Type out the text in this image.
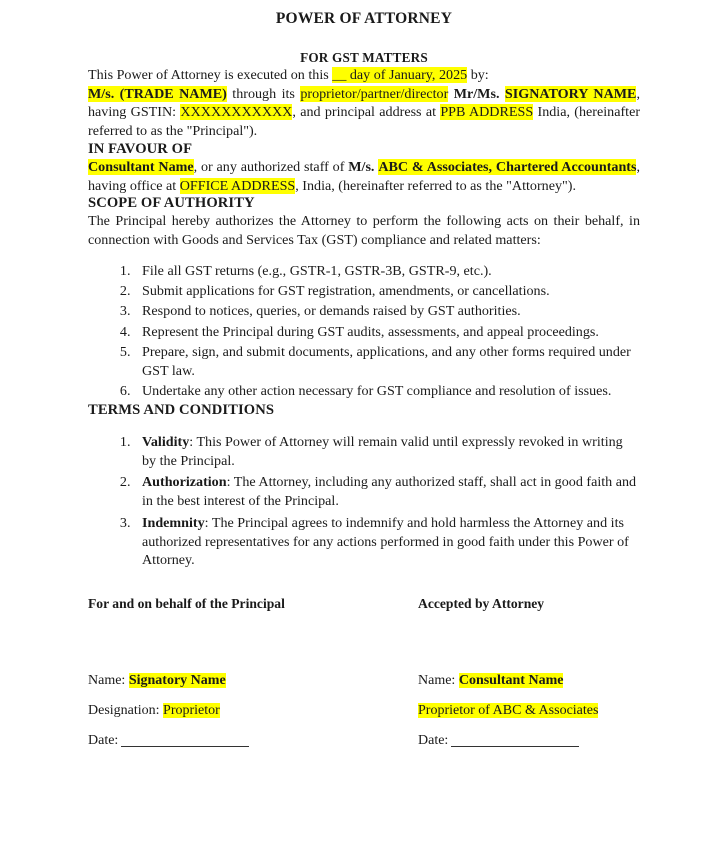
POWER OF ATTORNEY
FOR GST MATTERS

This Power of Attorney is executed on this __ day of January, 2025 by:

M/s. (TRADE NAME) through its proprietor/partner/director Mr/Ms. SIGNATORY NAME, having GSTIN: XXXXXXXXXXX, and principal address at PPB ADDRESS India, (hereinafter referred to as the "Principal").

IN FAVOUR OF

Consultant Name, or any authorized staff of M/s. ABC & Associates, Chartered Accountants, having office at OFFICE ADDRESS, India, (hereinafter referred to as the "Attorney").

SCOPE OF AUTHORITY

The Principal hereby authorizes the Attorney to perform the following acts on their behalf, in connection with Goods and Services Tax (GST) compliance and related matters:

1. File all GST returns (e.g., GSTR-1, GSTR-3B, GSTR-9, etc.).
2. Submit applications for GST registration, amendments, or cancellations.
3. Respond to notices, queries, or demands raised by GST authorities.
4. Represent the Principal during GST audits, assessments, and appeal proceedings.
5. Prepare, sign, and submit documents, applications, and any other forms required under GST law.
6. Undertake any other action necessary for GST compliance and resolution of issues.
TERMS AND CONDITIONS
1. Validity: This Power of Attorney will remain valid until expressly revoked in writing by the Principal.
2. Authorization: The Attorney, including any authorized staff, shall act in good faith and in the best interest of the Principal.
3. Indemnity: The Principal agrees to indemnify and hold harmless the Attorney and its authorized representatives for any actions performed in good faith under this Power of Attorney.
For and on behalf of the Principal	Accepted by Attorney
Name: Signatory Name
Designation: Proprietor
Date:
Name: Consultant Name
Proprietor of ABC & Associates
Date:
